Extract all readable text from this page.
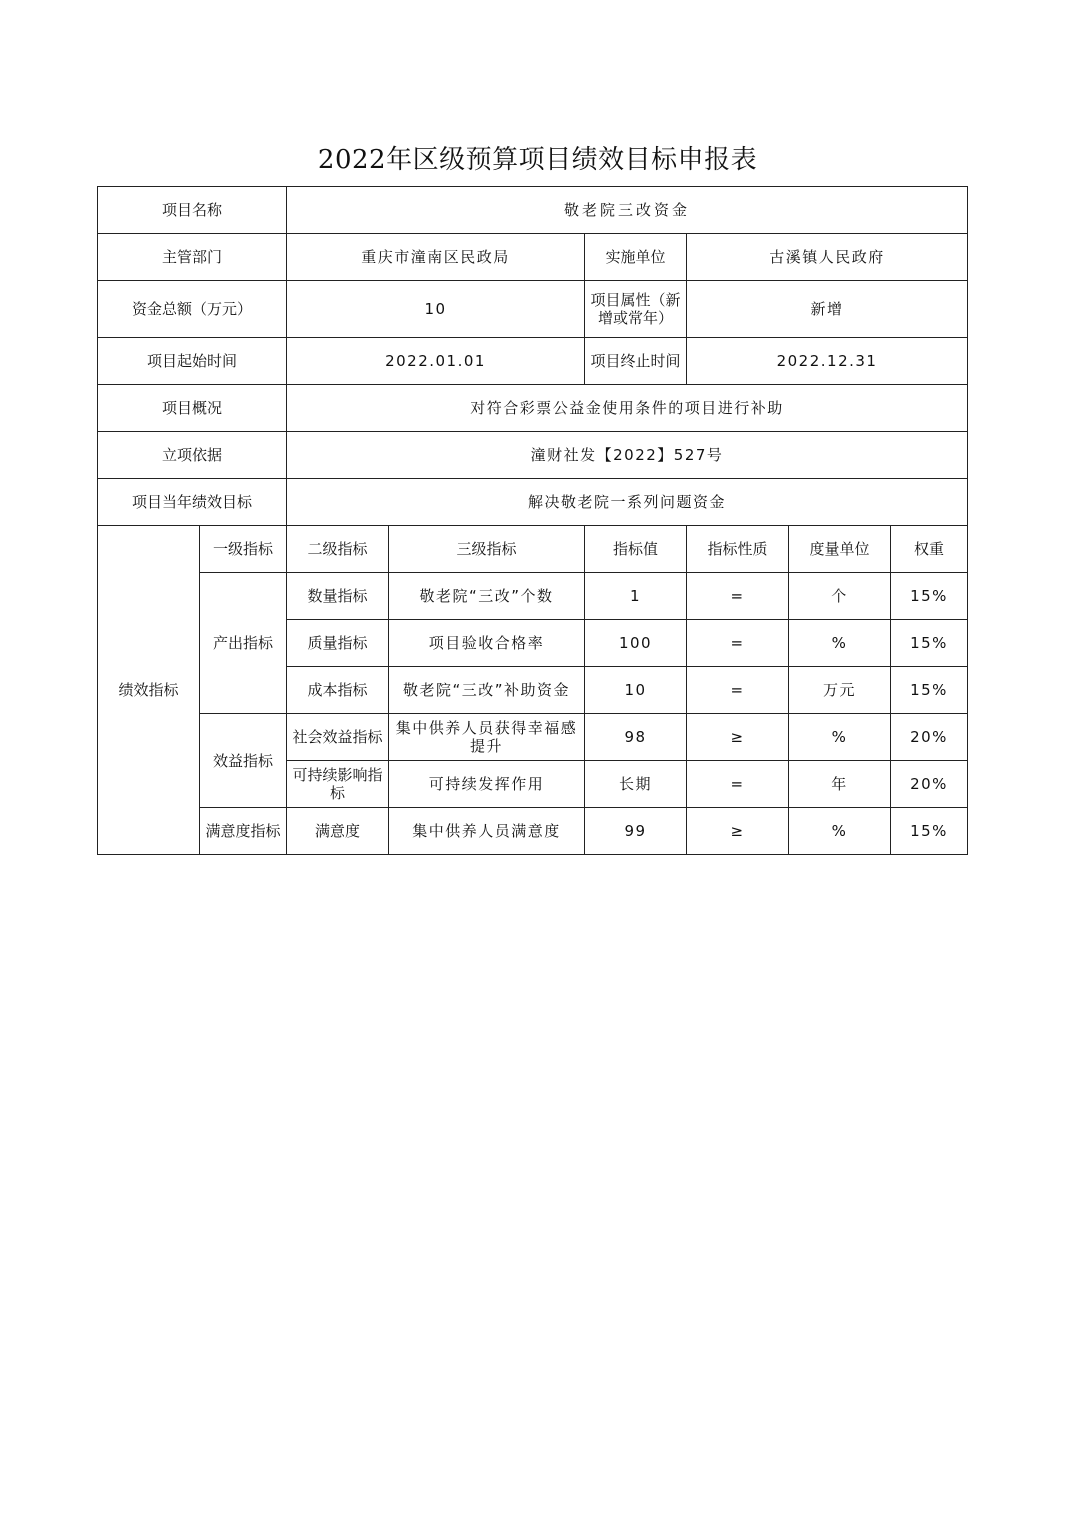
2022年区级预算项目绩效目标申报表
项目名称		敬老院三改资金					
主管部门		重庆市潼南区民政局		实施单位	古溪镇人民政府		
资金总额（万元）		10		项目属性（新增或常年）	新增		
项目起始时间		2022.01.01		项目终止时间	2022.12.31		
项目概况		对符合彩票公益金使用条件的项目进行补助					
立项依据		潼财社发【2022】527号					
项目当年绩效目标		解决敬老院一系列问题资金					
绩效指标	一级指标	二级指标	三级指标	指标值	指标性质	度量单位	权重
	产出指标	数量指标	敬老院“三改”个数	1	=	个	15%
		质量指标	项目验收合格率	100	=	%	15%
		成本指标	敬老院“三改”补助资金	10	=	万元	15%
	效益指标	社会效益指标	集中供养人员获得幸福感提升	98	≥	%	20%
		可持续影响指标	可持续发挥作用	长期	=	年	20%
	满意度指标	满意度	集中供养人员满意度	99	≥	%	15%
